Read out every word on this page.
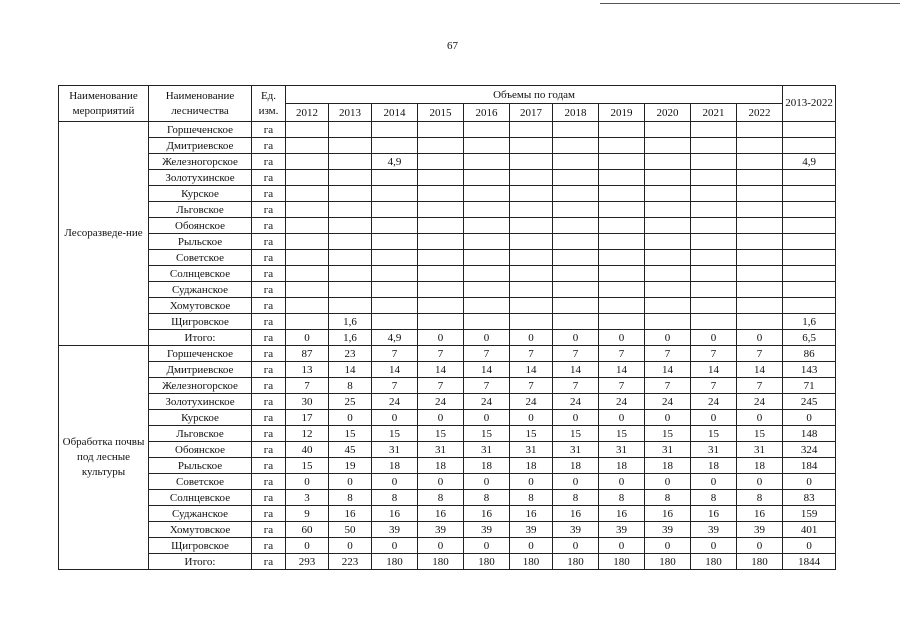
67
Наименование мероприятий	Наименование лесничества	Ед. изм.	Объемы по годам											2013-2022
			2012	2013	2014	2015	2016	2017	2018	2019	2020	2021	2022	
Лесоразведе-ние	Горшеченское	га												
	Дмитриевское	га												
	Железногорское	га			4,9									4,9
	Золотухинское	га												
	Курское	га												
	Льговское	га												
	Обоянское	га												
	Рыльское	га												
	Советское	га												
	Солнцевское	га												
	Суджанское	га												
	Хомутовское	га												
	Щигровское	га		1,6										1,6
	Итого:	га	0	1,6	4,9	0	0	0	0	0	0	0	0	6,5
Обработка почвы под лесные культуры	Горшеченское	га	87	23	7	7	7	7	7	7	7	7	7	86
	Дмитриевское	га	13	14	14	14	14	14	14	14	14	14	14	143
	Железногорское	га	7	8	7	7	7	7	7	7	7	7	7	71
	Золотухинское	га	30	25	24	24	24	24	24	24	24	24	24	245
	Курское	га	17	0	0	0	0	0	0	0	0	0	0	0
	Льговское	га	12	15	15	15	15	15	15	15	15	15	15	148
	Обоянское	га	40	45	31	31	31	31	31	31	31	31	31	324
	Рыльское	га	15	19	18	18	18	18	18	18	18	18	18	184
	Советское	га	0	0	0	0	0	0	0	0	0	0	0	0
	Солнцевское	га	3	8	8	8	8	8	8	8	8	8	8	83
	Суджанское	га	9	16	16	16	16	16	16	16	16	16	16	159
	Хомутовское	га	60	50	39	39	39	39	39	39	39	39	39	401
	Щигровское	га	0	0	0	0	0	0	0	0	0	0	0	0
	Итого:	га	293	223	180	180	180	180	180	180	180	180	180	1844
